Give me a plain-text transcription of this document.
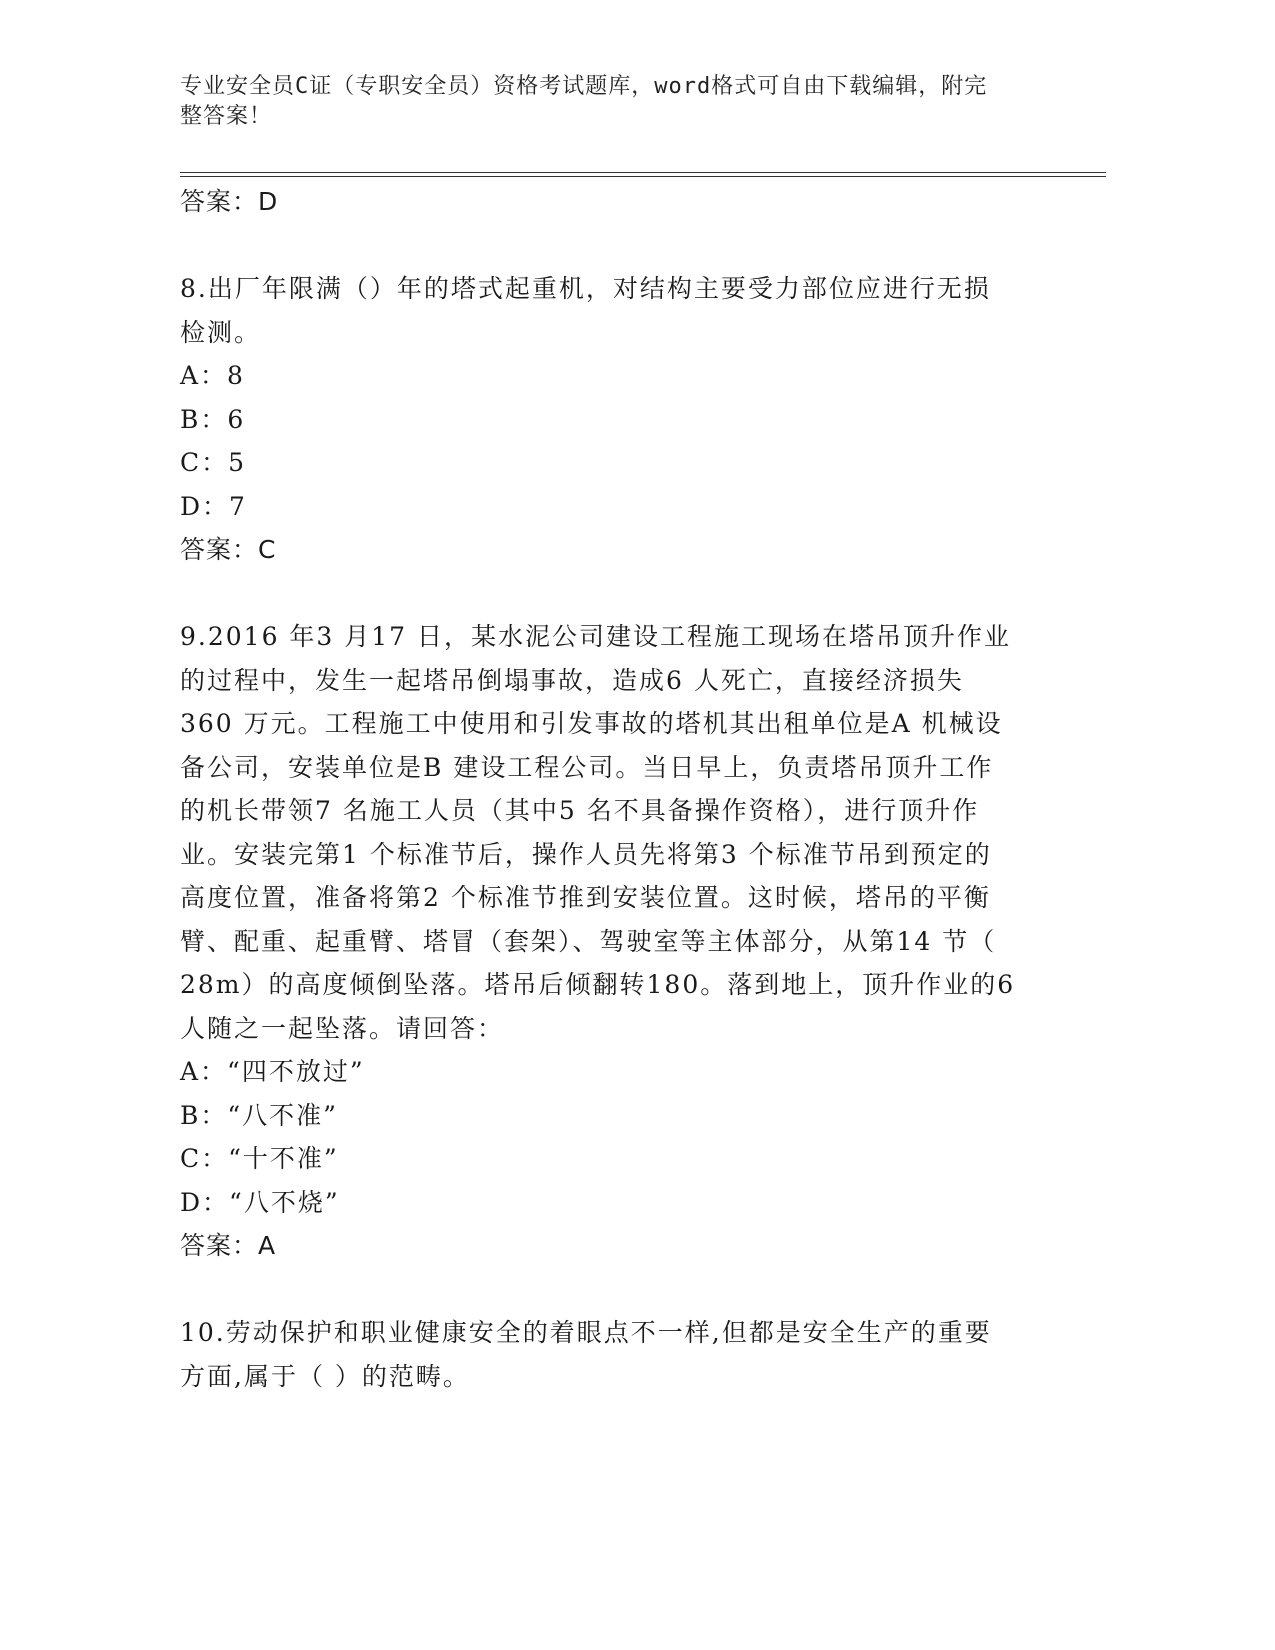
专业安全员C证（专职安全员）资格考试题库，word格式可自由下载编辑，附完
整答案！

答案：D

8.出厂年限满（）年的塔式起重机，对结构主要受力部位应进行无损

检测。

A：8

B：6

C：5

D：7

答案：C

9.2016 年3 月17 日，某水泥公司建设工程施工现场在塔吊顶升作业

的过程中，发生一起塔吊倒塌事故，造成6 人死亡，直接经济损失

360 万元。工程施工中使用和引发事故的塔机其出租单位是A 机械设

备公司，安装单位是B 建设工程公司。当日早上，负责塔吊顶升工作

的机长带领7 名施工人员（其中5 名不具备操作资格），进行顶升作

业。安装完第1 个标准节后，操作人员先将第3 个标准节吊到预定的

高度位置，准备将第2 个标准节推到安装位置。这时候，塔吊的平衡

臂、配重、起重臂、塔冒（套架）、驾驶室等主体部分，从第14 节（

28m）的高度倾倒坠落。塔吊后倾翻转180。落到地上，顶升作业的6

人随之一起坠落。请回答：

A：“四不放过”

B：“八不准”

C：“十不准”

D：“八不烧”

答案：A

10.劳动保护和职业健康安全的着眼点不一样,但都是安全生产的重要

方面,属于（ ）的范畴。
